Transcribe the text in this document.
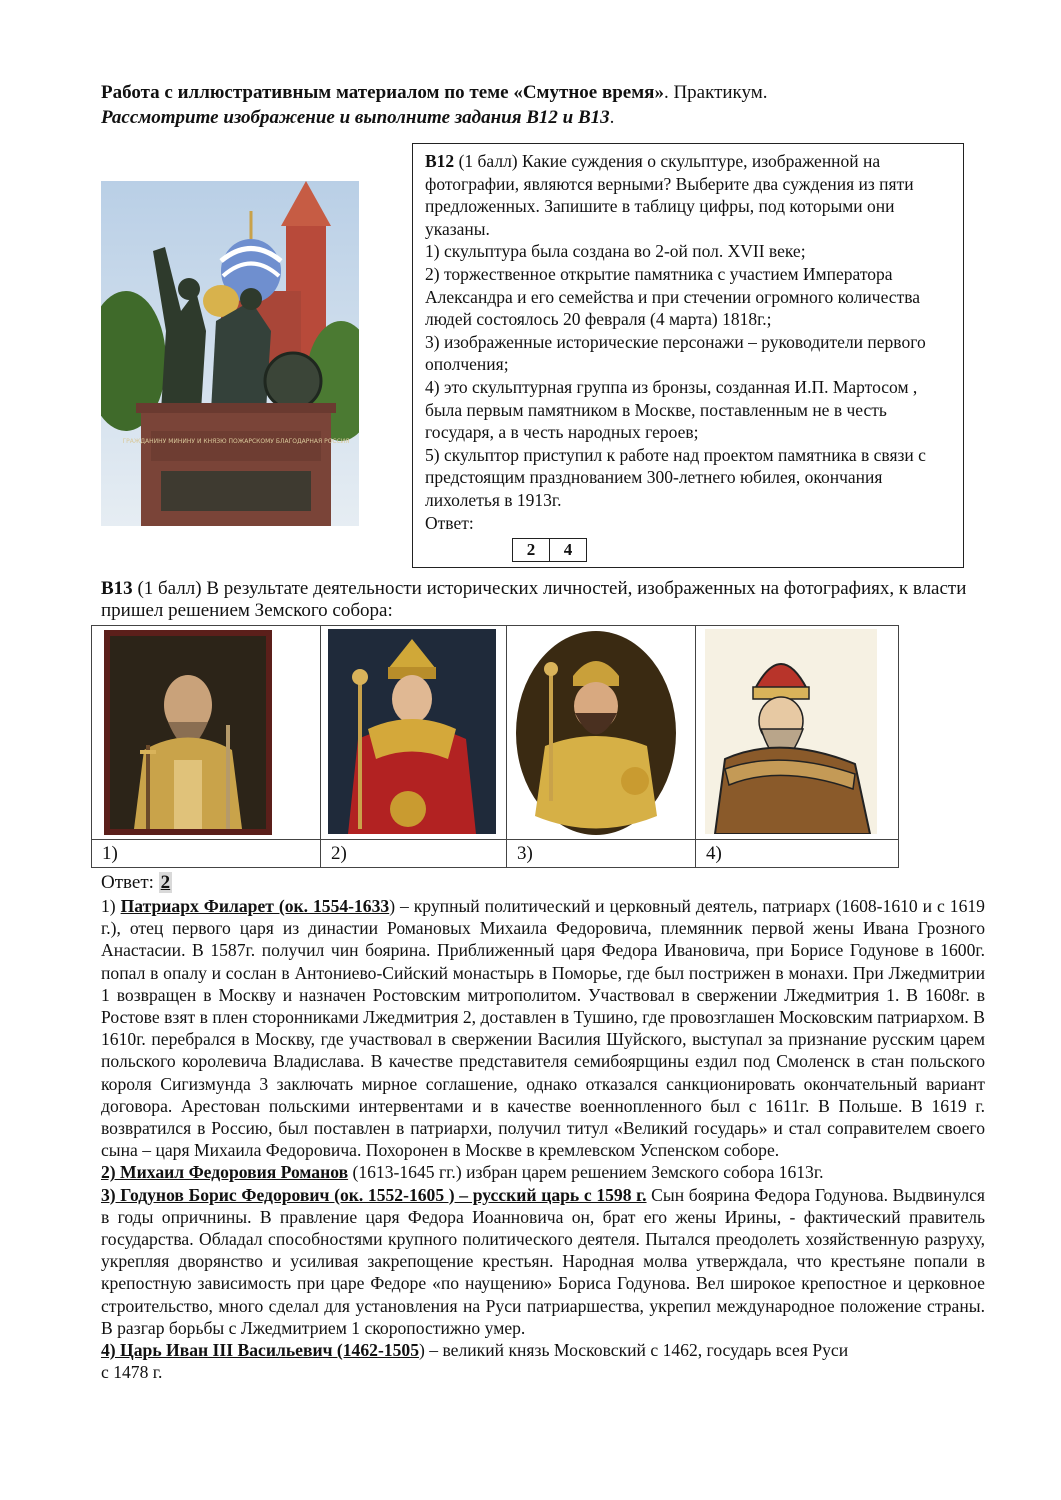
Работа с иллюстративным материалом по теме «Смутное время». Практикум.
Рассмотрите изображение и выполните задания В12 и В13.
ГРАЖДАНИНУ МИНИНУ И КНЯЗЮ ПОЖАРСКОМУ БЛАГОДАРНАЯ РОССИЯ

В12 (1 балл) Какие суждения о скульптуре, изображенной на фотографии, являются верными? Выберите два суждения из пяти предложенных. Запишите в таблицу цифры, под которыми они указаны.

1) скульптура была создана во 2-ой пол. XVII веке;

2) торжественное открытие памятника с участием Императора Александра и его семейства и при стечении огромного количества людей состоялось 20 февраля (4 марта) 1818г.;

3) изображенные исторические персонажи – руководители первого ополчения;

4) это скульптурная группа из бронзы, созданная И.П. Мартосом , была первым памятником в Москве, поставленным не в честь государя, а в честь народных героев;

5) скульптор приступил к работе над проектом памятника в связи с предстоящим празднованием 300-летнего юбилея, окончания лихолетья в 1913г.

Ответ:

2	4
В13 (1 балл) В результате деятельности исторических личностей, изображенных на фотографиях, к власти пришел решением Земского собора:
1)	2)	3)	4)
Ответ: 2

1) Патриарх Филарет (ок. 1554-1633) – крупный политический и церковный деятель, патриарх (1608-1610 и с 1619 г.), отец первого царя из династии Романовых Михаила Федоровича, племянник первой жены Ивана Грозного Анастасии. В 1587г. получил чин боярина. Приближенный царя Федора Ивановича, при Борисе Годунове в 1600г. попал в опалу и сослан в Антониево-Сийский монастырь в Поморье, где был пострижен в монахи. При Лжедмитрии 1 возвращен в Москву и назначен Ростовским митрополитом. Участвовал в свержении Лжедмитрия 1. В 1608г. в Ростове взят в плен сторонниками Лжедмитрия 2, доставлен в Тушино, где провозглашен Московским патриархом. В 1610г. перебрался в Москву, где участвовал в свержении Василия Шуйского, выступал за признание русским царем польского королевича Владислава. В качестве представителя семибоярщины ездил под Смоленск в стан польского короля Сигизмунда 3 заключать мирное соглашение, однако отказался санкционировать окончательный вариант договора. Арестован польскими интервентами и в качестве военнопленного был с 1611г. В Польше. В 1619 г. возвратился в Россию, был поставлен в патриархи, получил титул «Великий государь» и стал соправителем своего сына – царя Михаила Федоровича. Похоронен в Москве в кремлевском Успенском соборе.

2) Михаил Федоровия Романов (1613-1645 гг.) избран царем решением Земского собора 1613г.

3) Годунов Борис Федорович (ок. 1552-1605 ) – русский царь с 1598 г. Сын боярина Федора Годунова. Выдвинулся в годы опричнины. В правление царя Федора Иоанновича он, брат его жены Ирины, - фактический правитель государства. Обладал способностями крупного политического деятеля. Пытался преодолеть хозяйственную разруху, укрепляя дворянство и усиливая закрепощение крестьян. Народная молва утверждала, что крестьяне попали в крепостную зависимость при царе Федоре «по наущению» Бориса Годунова. Вел широкое крепостное и церковное строительство, много сделал для установления на Руси патриаршества, укрепил международное положение страны. В разгар борьбы с Лжедмитрием 1 скоропостижно умер.

4) Царь Иван III Васильевич (1462-1505) – великий князь Московский с 1462, государь всея Руси
с 1478 г.
